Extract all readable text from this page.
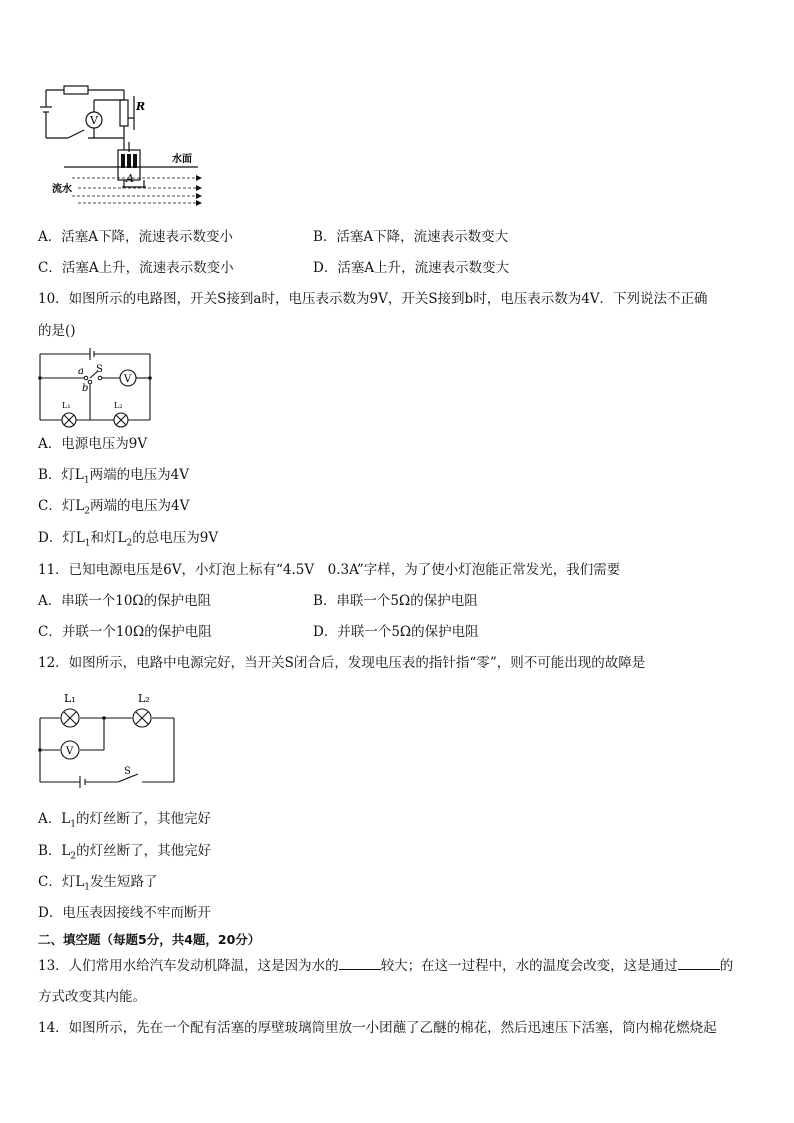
V
R
A
水面
流水
A．活塞A下降，流速表示数变小	B．活塞A下降，流速表示数变大
C．活塞A上升，流速表示数变小	D．活塞A上升，流速表示数变大
10．如图所示的电路图，开关S接到a时，电压表示数为9V，开关S接到b时，电压表示数为4V．下列说法不正确
的是()
V
a
b
S
L₁	L₂
A．电源电压为9V
B．灯$L_1$两端的电压为4V
C．灯$L_2$两端的电压为4V
D．灯$L_1$和灯$L_2$的总电压为9V
11．已知电源电压是6V，小灯泡上标有“4.5V　0.3A”字样，为了使小灯泡能正常发光，我们需要
A．串联一个10Ω的保护电阻	B．串联一个5Ω的保护电阻
C．并联一个10Ω的保护电阻	D．并联一个5Ω的保护电阻
12．如图所示，电路中电源完好，当开关S闭合后，发现电压表的指针指“零”，则不可能出现的故障是
V
L₁	L₂
S
A．$L_1$的灯丝断了，其他完好
B．$L_2$的灯丝断了，其他完好
C．灯$L_1$发生短路了
D．电压表因接线不牢而断开
二、填空题（每题5分，共4题，20分）
13．人们常用水给汽车发动机降温，这是因为水的	较大；在这一过程中，水的温度会改变，这是通过	的
方式改变其内能。
14．如图所示，先在一个配有活塞的厚壁玻璃筒里放一小团蘸了乙醚的棉花，然后迅速压下活塞，筒内棉花燃烧起
